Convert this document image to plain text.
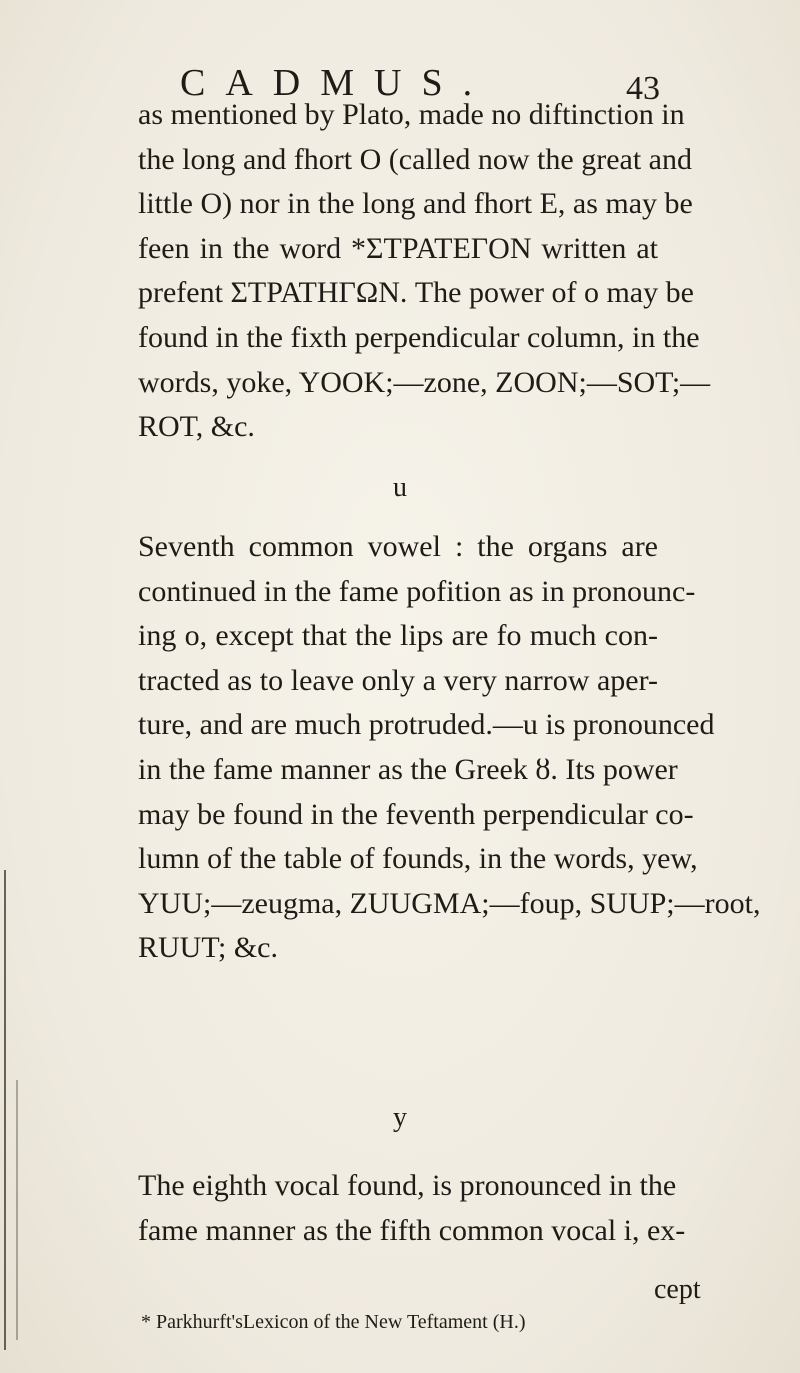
CADMUS.	43
as mentioned by Plato, made no diftinction in
the long and fhort O (called now the great and
little O) nor in the long and fhort E, as may be
feen in the word *ΣΤΡΑΤΕΓΟΝ written at
prefent ΣΤΡΑΤΗΓΩΝ. The power of o may be
found in the fixth perpendicular column, in the
words, yoke, YOOK;—zone, ZOON;—SOT;—
ROT, &c.
u
Seventh common vowel : the organs are
continued in the fame pofition as in pronounc-
ing o, except that the lips are fo much con-
tracted as to leave only a very narrow aper-
ture, and are much protruded.—u is pronounced
in the fame manner as the Greek ȣ. Its power
may be found in the feventh perpendicular co-
lumn of the table of founds, in the words, yew,
YUU;—zeugma, ZUUGMA;—foup, SUUP;—root,
RUUT; &c.
y
The eighth vocal found, is pronounced in the
fame manner as the fifth common vocal i, ex-
cept
* Parkhurft'sLexicon of the New Teftament (H.)
